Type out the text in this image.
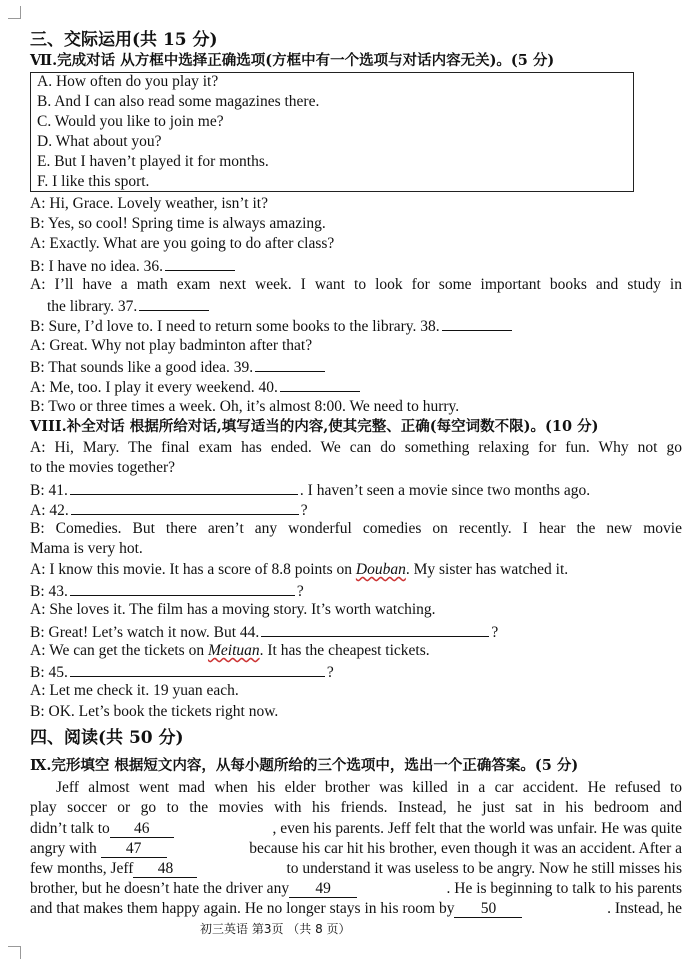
三、交际运用(共 15 分)
Ⅶ.完成对话 从方框中选择正确选项(方框中有一个选项与对话内容无关)。(5 分)
A. How often do you play it?
B. And I can also read some magazines there.
C. Would you like to join me?
D. What about you?
E. But I haven’t played it for months.
F. I like this sport.
A: Hi, Grace. Lovely weather, isn’t it?
B: Yes, so cool! Spring time is always amazing.
A: Exactly. What are you going to do after class?
B: I have no idea. 36.
A: I’ll have a math exam next week. I want to look for some important books and study in
the library. 37.
B: Sure, I’d love to. I need to return some books to the library. 38.
A: Great. Why not play badminton after that?
B: That sounds like a good idea. 39.
A: Me, too. I play it every weekend. 40.
B: Two or three times a week. Oh, it’s almost 8:00. We need to hurry.
VIII.补全对话 根据所给对话,填写适当的内容,使其完整、正确(每空词数不限)。(10 分)
A: Hi, Mary. The final exam has ended. We can do something relaxing for fun. Why not go
to the movies together?
B: 41.	. I haven’t seen a movie since two months ago.
A: 42.	?
B: Comedies. But there aren’t any wonderful comedies on recently. I hear the new movie
Mama is very hot.
A: I know this movie. It has a score of 8.8 points on Douban. My sister has watched it.
B: 43.	?
A: She loves it. The film has a moving story. It’s worth watching.
B: Great! Let’s watch it now. But 44.	?
A: We can get the tickets on Meituan. It has the cheapest tickets.
B: 45.	?
A: Let me check it. 19 yuan each.
B: OK. Let’s book the tickets right now.
四、阅读(共 50 分)
Ⅸ.完形填空 根据短文内容，从每小题所给的三个选项中，选出一个正确答案。(5 分)
Jeff almost went mad when his elder brother was killed in a car accident. He refused to
play soccer or go to the movies with his friends. Instead, he just sat in his bedroom and
didn’t talk to 46	, even his parents. Jeff felt that the world was unfair. He was quite
angry with 47	because his car hit his brother, even though it was an accident. After a
few months, Jeff 48	to understand it was useless to be angry. Now he still misses his
brother, but he doesn’t hate the driver any 49	. He is beginning to talk to his parents
and that makes them happy again. He no longer stays in his room by 50	. Instead, he
初三英语 第3页 （共 8 页）
